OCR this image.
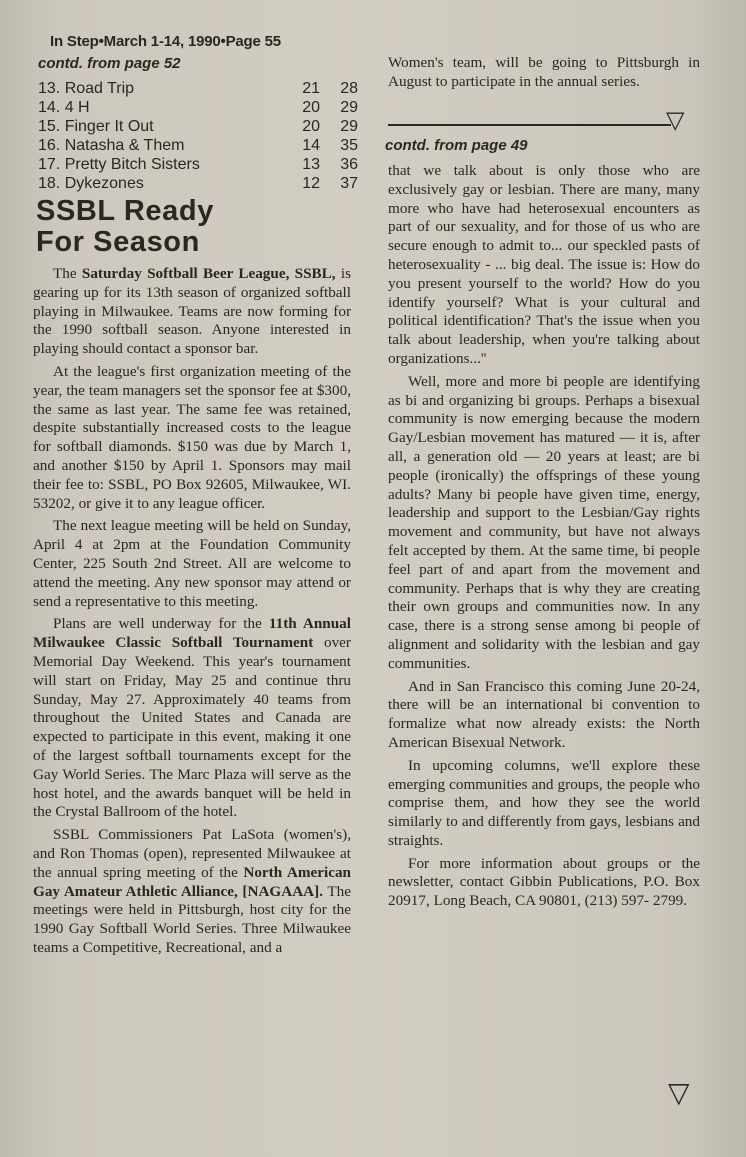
In Step•March 1-14, 1990•Page 55
contd. from page 52
13. Road Trip	21	28
14. 4 H	20	29
15. Finger It Out	20	29
16. Natasha & Them	14	35
17. Pretty Bitch Sisters	13	36
18. Dykezones	12	37
SSBL Ready
For Season

The Saturday Softball Beer League, SSBL, is gearing up for its 13th season of organized softball playing in Milwaukee. Teams are now forming for the 1990 softball season. Anyone interested in playing should contact a sponsor bar.

At the league's first organization meeting of the year, the team managers set the sponsor fee at $300, the same as last year. The same fee was retained, despite substantially increased costs to the league for softball diamonds. $150 was due by March 1, and another $150 by April 1. Sponsors may mail their fee to: SSBL, PO Box 92605, Milwaukee, WI. 53202, or give it to any league officer.

The next league meeting will be held on Sunday, April 4 at 2pm at the Foundation Community Center, 225 South 2nd Street. All are welcome to attend the meeting. Any new sponsor may attend or send a representative to this meeting.

Plans are well underway for the 11th Annual Milwaukee Classic Softball Tournament over Memorial Day Weekend. This year's tournament will start on Friday, May 25 and continue thru Sunday, May 27. Approximately 40 teams from throughout the United States and Canada are expected to participate in this event, making it one of the largest softball tournaments except for the Gay World Series. The Marc Plaza will serve as the host hotel, and the awards banquet will be held in the Crystal Ballroom of the hotel.

SSBL Commissioners Pat LaSota (women's), and Ron Thomas (open), represented Milwaukee at the annual spring meeting of the North American Gay Amateur Athletic Alliance, [NAGAAA]. The meetings were held in Pittsburgh, host city for the 1990 Gay Softball World Series. Three Milwaukee teams a Competitive, Recreational, and a

Women's team, will be going to Pittsburgh in August to participate in the annual series.

▽
contd. from page 49

that we talk about is only those who are exclusively gay or lesbian. There are many, many more who have had heterosexual encounters as part of our sexuality, and for those of us who are secure enough to admit to... our speckled pasts of heterosexuality - ... big deal. The issue is: How do you present yourself to the world? How do you identify yourself? What is your cultural and political identification? That's the issue when you talk about leadership, when you're talking about organizations...''

Well, more and more bi people are identifying as bi and organizing bi groups. Perhaps a bisexual community is now emerging because the modern Gay/Lesbian movement has matured — it is, after all, a generation old — 20 years at least; are bi people (ironically) the offsprings of these young adults? Many bi people have given time, energy, leadership and support to the Lesbian/Gay rights movement and community, but have not always felt accepted by them. At the same time, bi people feel part of and apart from the movement and community. Perhaps that is why they are creating their own groups and communities now. In any case, there is a strong sense among bi people of alignment and solidarity with the lesbian and gay communities.

And in San Francisco this coming June 20-24, there will be an international bi convention to formalize what now already exists: the North American Bisexual Network.

In upcoming columns, we'll explore these emerging communities and groups, the people who comprise them, and how they see the world similarly to and differently from gays, lesbians and straights.

For more information about groups or the newsletter, contact Gibbin Publications, P.O. Box 20917, Long Beach, CA 90801, (213) 597- 2799.

▽
